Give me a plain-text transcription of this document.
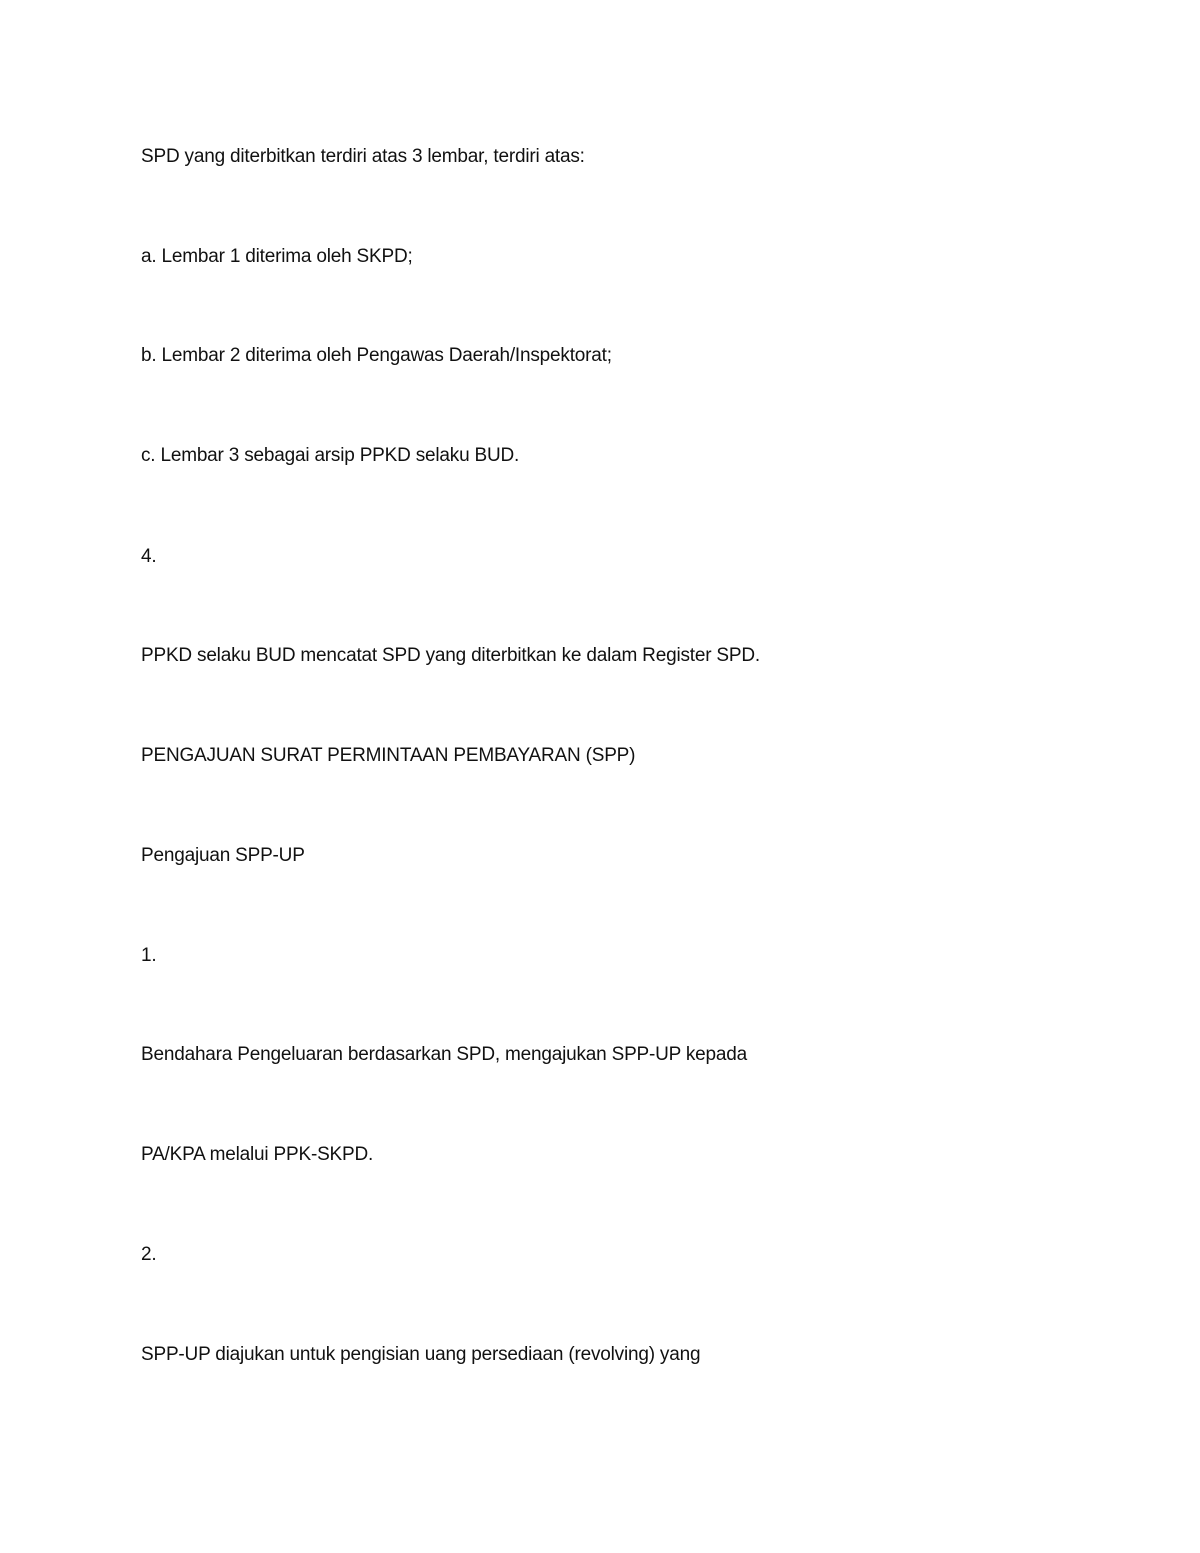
SPD yang diterbitkan terdiri atas 3 lembar, terdiri atas:

a. Lembar 1 diterima oleh SKPD;

b. Lembar 2 diterima oleh Pengawas Daerah/Inspektorat;

c. Lembar 3 sebagai arsip PPKD selaku BUD.

4.

PPKD selaku BUD mencatat SPD yang diterbitkan ke dalam Register SPD.

PENGAJUAN SURAT PERMINTAAN PEMBAYARAN (SPP)

Pengajuan SPP-UP

1.

Bendahara Pengeluaran berdasarkan SPD, mengajukan SPP-UP kepada

PA/KPA melalui PPK-SKPD.

2.

SPP-UP diajukan untuk pengisian uang persediaan (revolving) yang
